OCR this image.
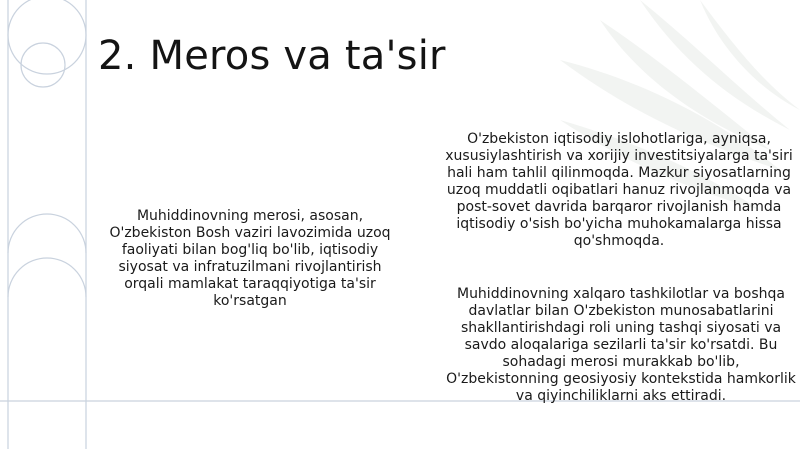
2. Meros va ta'sir
Muhiddinovning merosi, asosan, O'zbekiston Bosh vaziri lavozimida uzoq faoliyati bilan bog'liq bo'lib, iqtisodiy siyosat va infratuzilmani rivojlantirish orqali mamlakat taraqqiyotiga ta'sir ko'rsatgan
O'zbekiston iqtisodiy islohotlariga, ayniqsa, xususiylashtirish va xorijiy investitsiyalarga ta'siri hali ham tahlil qilinmoqda. Mazkur siyosatlarning uzoq muddatli oqibatlari hanuz rivojlanmoqda va post-sovet davrida barqaror rivojlanish hamda iqtisodiy o'sish bo'yicha muhokamalarga hissa qo'shmoqda.
Muhiddinovning xalqaro tashkilotlar va boshqa davlatlar bilan O'zbekiston munosabatlarini shakllantirishdagi roli uning tashqi siyosati va savdo aloqalariga sezilarli ta'sir ko'rsatdi. Bu sohadagi merosi murakkab bo'lib, O'zbekistonning geosiyosiy kontekstida hamkorlik va qiyinchiliklarni aks ettiradi.
